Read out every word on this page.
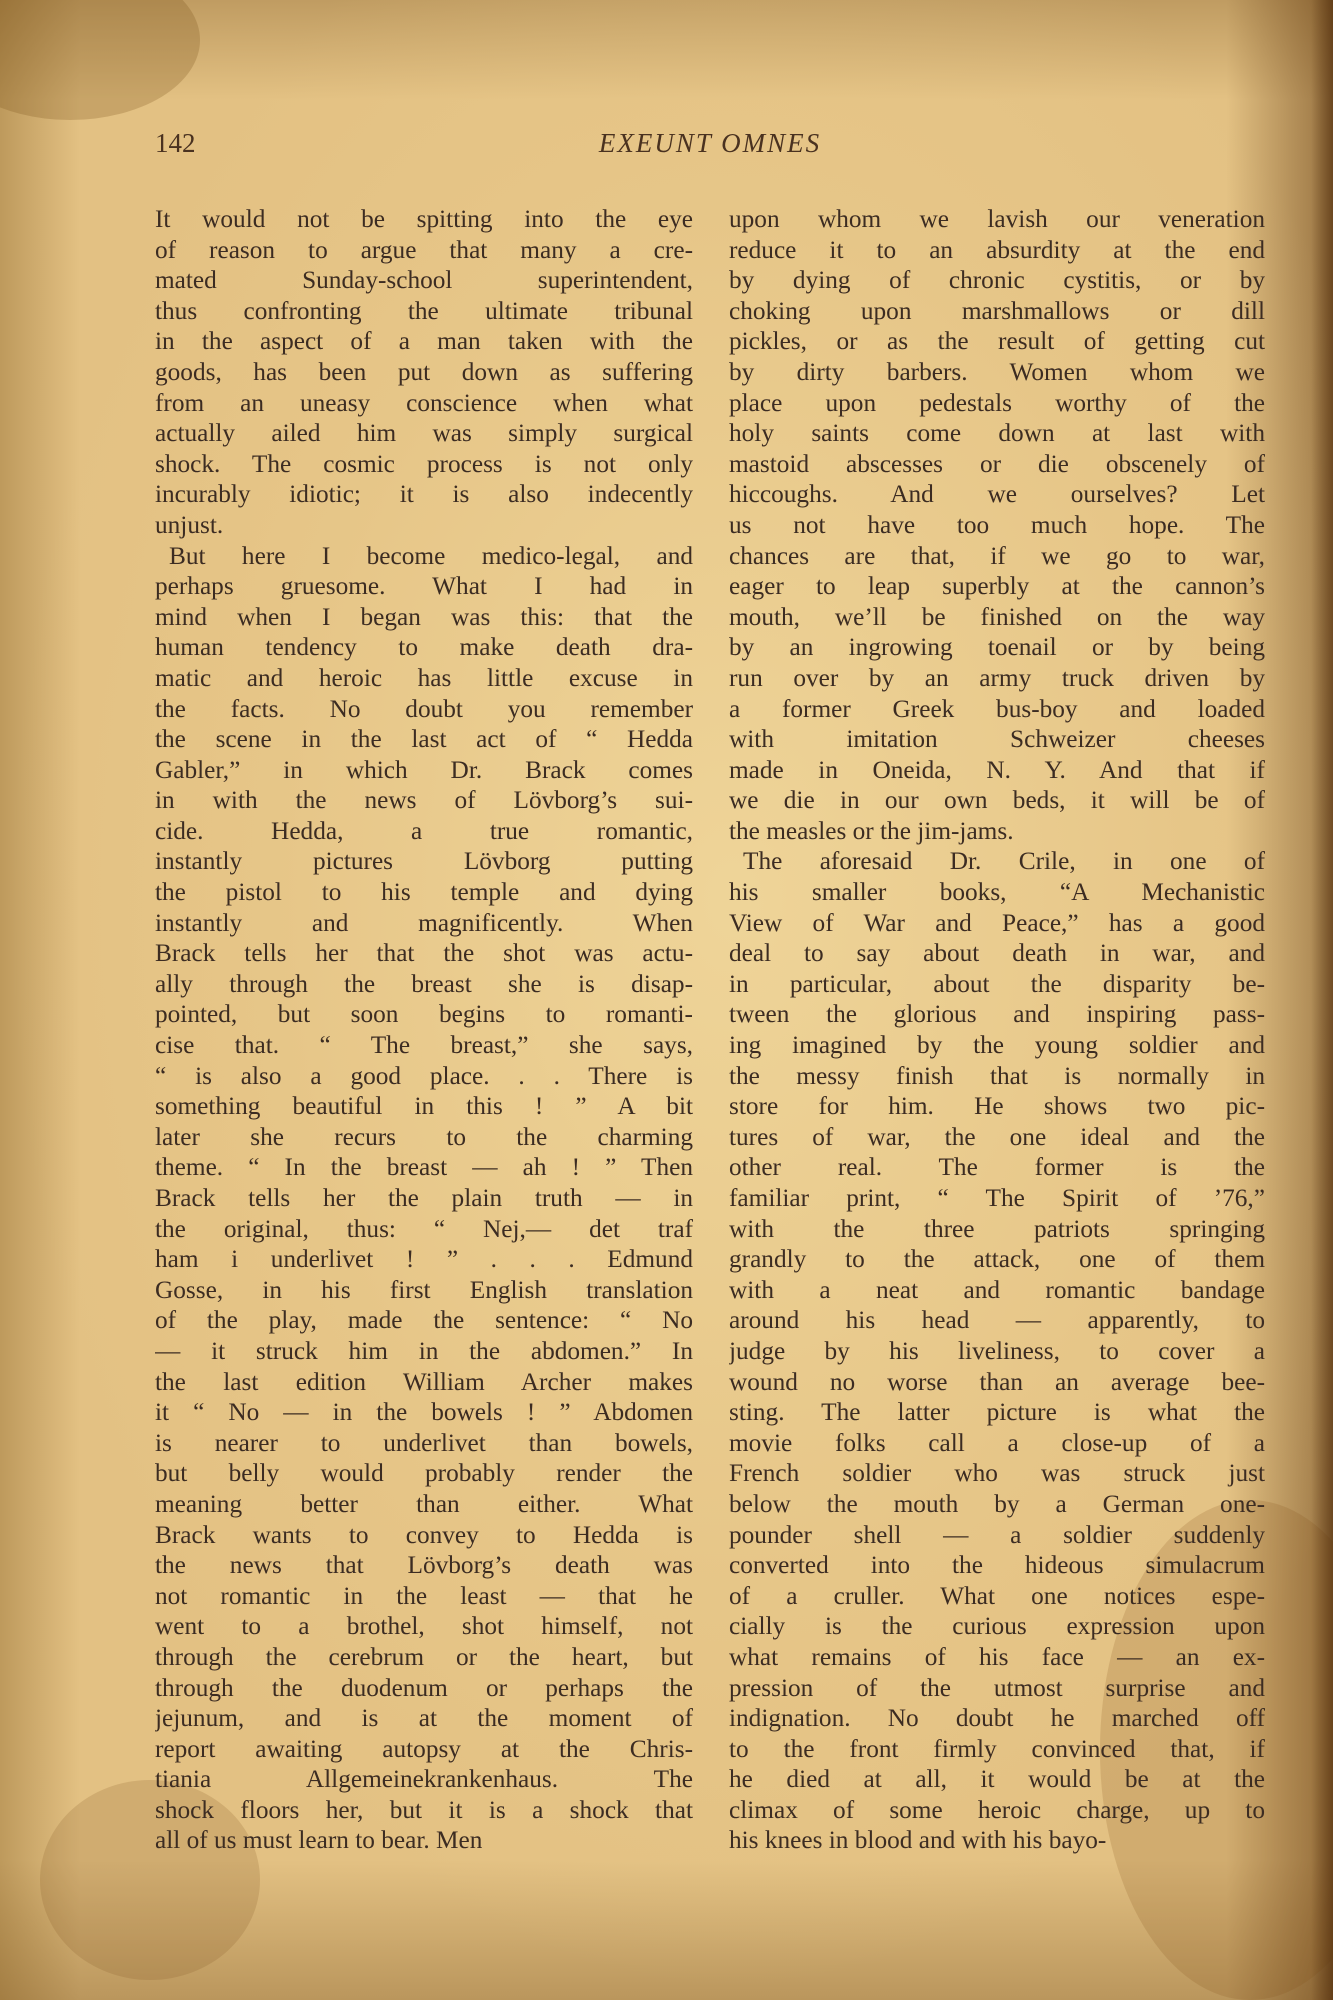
142	EXEUNT OMNES
It would not be spitting into the eye
of reason to argue that many a cre-
mated Sunday-school superintendent,
thus confronting the ultimate tribunal
in the aspect of a man taken with the
goods, has been put down as suffering
from an uneasy conscience when what
actually ailed him was simply surgical
shock. The cosmic process is not only
incurably idiotic; it is also indecently
unjust.
But here I become medico-legal, and
perhaps gruesome. What I had in
mind when I began was this: that the
human tendency to make death dra-
matic and heroic has little excuse in
the facts. No doubt you remember
the scene in the last act of “ Hedda
Gabler,” in which Dr. Brack comes
in with the news of Lövborg’s sui-
cide. Hedda, a true romantic,
instantly pictures Lövborg putting
the pistol to his temple and dying
instantly and magnificently. When
Brack tells her that the shot was actu-
ally through the breast she is disap-
pointed, but soon begins to romanti-
cise that. “ The breast,” she says,
“ is also a good place. . . There is
something beautiful in this ! ” A bit
later she recurs to the charming
theme. “ In the breast — ah ! ” Then
Brack tells her the plain truth — in
the original, thus: “ Nej,— det traf
ham i underlivet ! ” . . . Edmund
Gosse, in his first English translation
of the play, made the sentence: “ No
— it struck him in the abdomen.” In
the last edition William Archer makes
it “ No — in the bowels ! ” Abdomen
is nearer to underlivet than bowels,
but belly would probably render the
meaning better than either. What
Brack wants to convey to Hedda is
the news that Lövborg’s death was
not romantic in the least — that he
went to a brothel, shot himself, not
through the cerebrum or the heart, but
through the duodenum or perhaps the
jejunum, and is at the moment of
report awaiting autopsy at the Chris-
tiania Allgemeinekrankenhaus. The
shock floors her, but it is a shock that
all of us must learn to bear. Men
upon whom we lavish our veneration
reduce it to an absurdity at the end
by dying of chronic cystitis, or by
choking upon marshmallows or dill
pickles, or as the result of getting cut
by dirty barbers. Women whom we
place upon pedestals worthy of the
holy saints come down at last with
mastoid abscesses or die obscenely of
hiccoughs. And we ourselves? Let
us not have too much hope. The
chances are that, if we go to war,
eager to leap superbly at the cannon’s
mouth, we’ll be finished on the way
by an ingrowing toenail or by being
run over by an army truck driven by
a former Greek bus-boy and loaded
with imitation Schweizer cheeses
made in Oneida, N. Y. And that if
we die in our own beds, it will be of
the measles or the jim-jams.
The aforesaid Dr. Crile, in one of
his smaller books, “A Mechanistic
View of War and Peace,” has a good
deal to say about death in war, and
in particular, about the disparity be-
tween the glorious and inspiring pass-
ing imagined by the young soldier and
the messy finish that is normally in
store for him. He shows two pic-
tures of war, the one ideal and the
other real. The former is the
familiar print, “ The Spirit of ’76,”
with the three patriots springing
grandly to the attack, one of them
with a neat and romantic bandage
around his head — apparently, to
judge by his liveliness, to cover a
wound no worse than an average bee-
sting. The latter picture is what the
movie folks call a close-up of a
French soldier who was struck just
below the mouth by a German one-
pounder shell — a soldier suddenly
converted into the hideous simulacrum
of a cruller. What one notices espe-
cially is the curious expression upon
what remains of his face — an ex-
pression of the utmost surprise and
indignation. No doubt he marched off
to the front firmly convinced that, if
he died at all, it would be at the
climax of some heroic charge, up to
his knees in blood and with his bayo-
